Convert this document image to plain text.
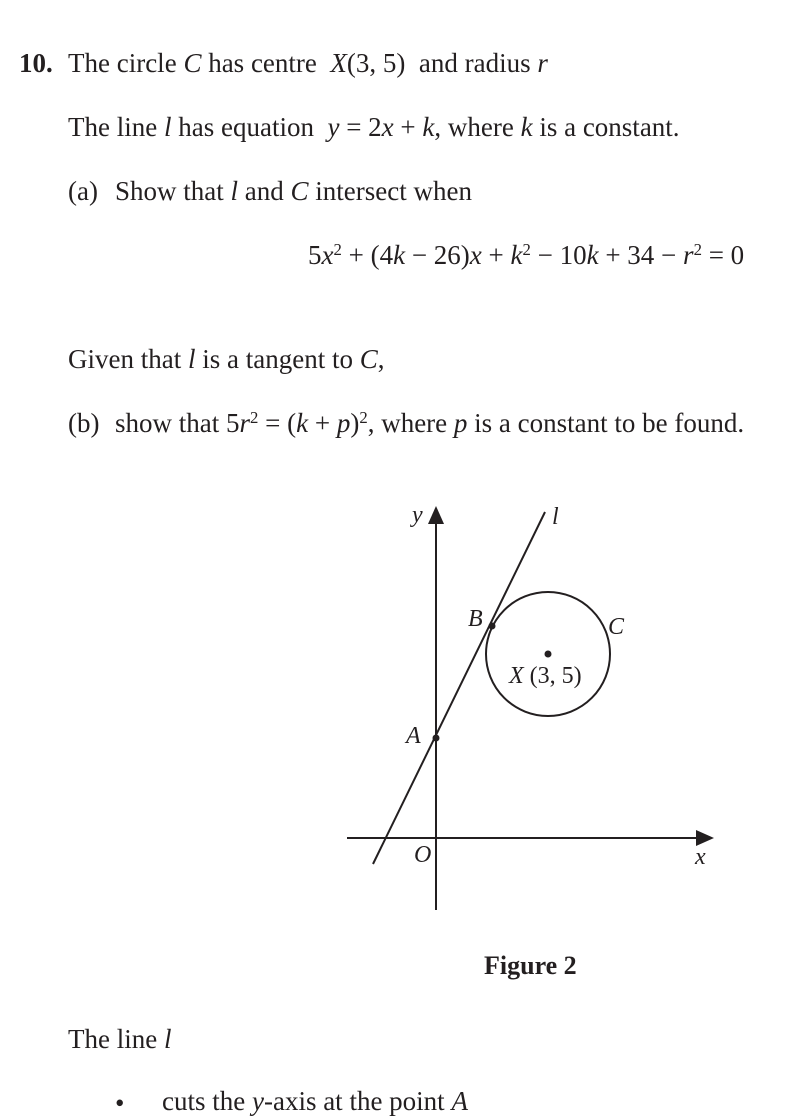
10. The circle C has centre  X(3, 5)  and radius r
The line l has equation  y = 2x + k, where k is a constant.
(a) Show that l and C intersect when
$5x^2 + (4k - 26)x + k^2 - 10k + 34 - r^2 = 0$
Given that l is a tangent to C,
(b) show that $5r^2 = (k + p)^2$, where p is a constant to be found.
y
x
l
B	C
X (3, 5)
A
O
Figure 2
The line l
• cuts the y-axis at the point A
